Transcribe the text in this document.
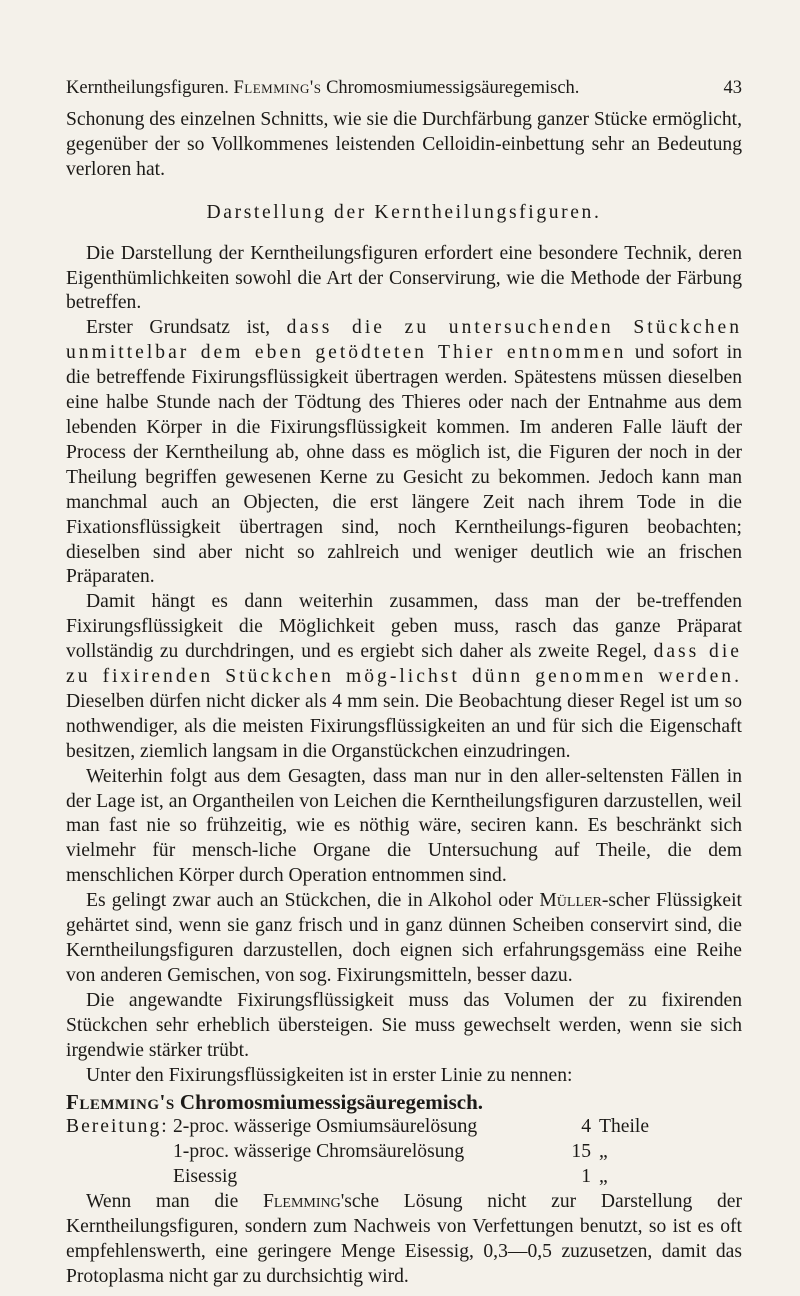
Kerntheilungsfiguren. Flemming's Chromosmiumessigsäuregemisch.	43

Schonung des einzelnen Schnitts, wie sie die Durchfärbung ganzer Stücke ermöglicht, gegenüber der so Vollkommenes leistenden Celloidin-einbettung sehr an Bedeutung verloren hat.

Darstellung der Kerntheilungsfiguren.

Die Darstellung der Kerntheilungsfiguren erfordert eine besondere Technik, deren Eigenthümlichkeiten sowohl die Art der Conservirung, wie die Methode der Färbung betreffen.

Erster Grundsatz ist, dass die zu untersuchenden Stückchen unmittelbar dem eben getödteten Thier entnommen und sofort in die betreffende Fixirungsflüssigkeit übertragen werden. Spätestens müssen dieselben eine halbe Stunde nach der Tödtung des Thieres oder nach der Entnahme aus dem lebenden Körper in die Fixirungsflüssigkeit kommen. Im anderen Falle läuft der Process der Kerntheilung ab, ohne dass es möglich ist, die Figuren der noch in der Theilung begriffen gewesenen Kerne zu Gesicht zu bekommen. Jedoch kann man manchmal auch an Objecten, die erst längere Zeit nach ihrem Tode in die Fixationsflüssigkeit übertragen sind, noch Kerntheilungs-figuren beobachten; dieselben sind aber nicht so zahlreich und weniger deutlich wie an frischen Präparaten.

Damit hängt es dann weiterhin zusammen, dass man der be-treffenden Fixirungsflüssigkeit die Möglichkeit geben muss, rasch das ganze Präparat vollständig zu durchdringen, und es ergiebt sich daher als zweite Regel, dass die zu fixirenden Stückchen mög-lichst dünn genommen werden. Dieselben dürfen nicht dicker als 4 mm sein. Die Beobachtung dieser Regel ist um so nothwendiger, als die meisten Fixirungsflüssigkeiten an und für sich die Eigenschaft besitzen, ziemlich langsam in die Organstückchen einzudringen.

Weiterhin folgt aus dem Gesagten, dass man nur in den aller-seltensten Fällen in der Lage ist, an Organtheilen von Leichen die Kerntheilungsfiguren darzustellen, weil man fast nie so frühzeitig, wie es nöthig wäre, seciren kann. Es beschränkt sich vielmehr für mensch-liche Organe die Untersuchung auf Theile, die dem menschlichen Körper durch Operation entnommen sind.

Es gelingt zwar auch an Stückchen, die in Alkohol oder Müller-scher Flüssigkeit gehärtet sind, wenn sie ganz frisch und in ganz dünnen Scheiben conservirt sind, die Kerntheilungsfiguren darzustellen, doch eignen sich erfahrungsgemäss eine Reihe von anderen Gemischen, von sog. Fixirungsmitteln, besser dazu.

Die angewandte Fixirungsflüssigkeit muss das Volumen der zu fixirenden Stückchen sehr erheblich übersteigen. Sie muss gewechselt werden, wenn sie sich irgendwie stärker trübt.

Unter den Fixirungsflüssigkeiten ist in erster Linie zu nennen:

Flemming's Chromosmiumessigsäuregemisch.
Bereitung: 2-proc. wässerige Osmiumsäurelösung	4 Theile
1-proc. wässerige Chromsäurelösung	15 „
Eisessig	1 „

Wenn man die Flemming'sche Lösung nicht zur Darstellung der Kerntheilungsfiguren, sondern zum Nachweis von Verfettungen benutzt, so ist es oft empfehlenswerth, eine geringere Menge Eisessig, 0,3—0,5 zuzusetzen, damit das Protoplasma nicht gar zu durchsichtig wird.
